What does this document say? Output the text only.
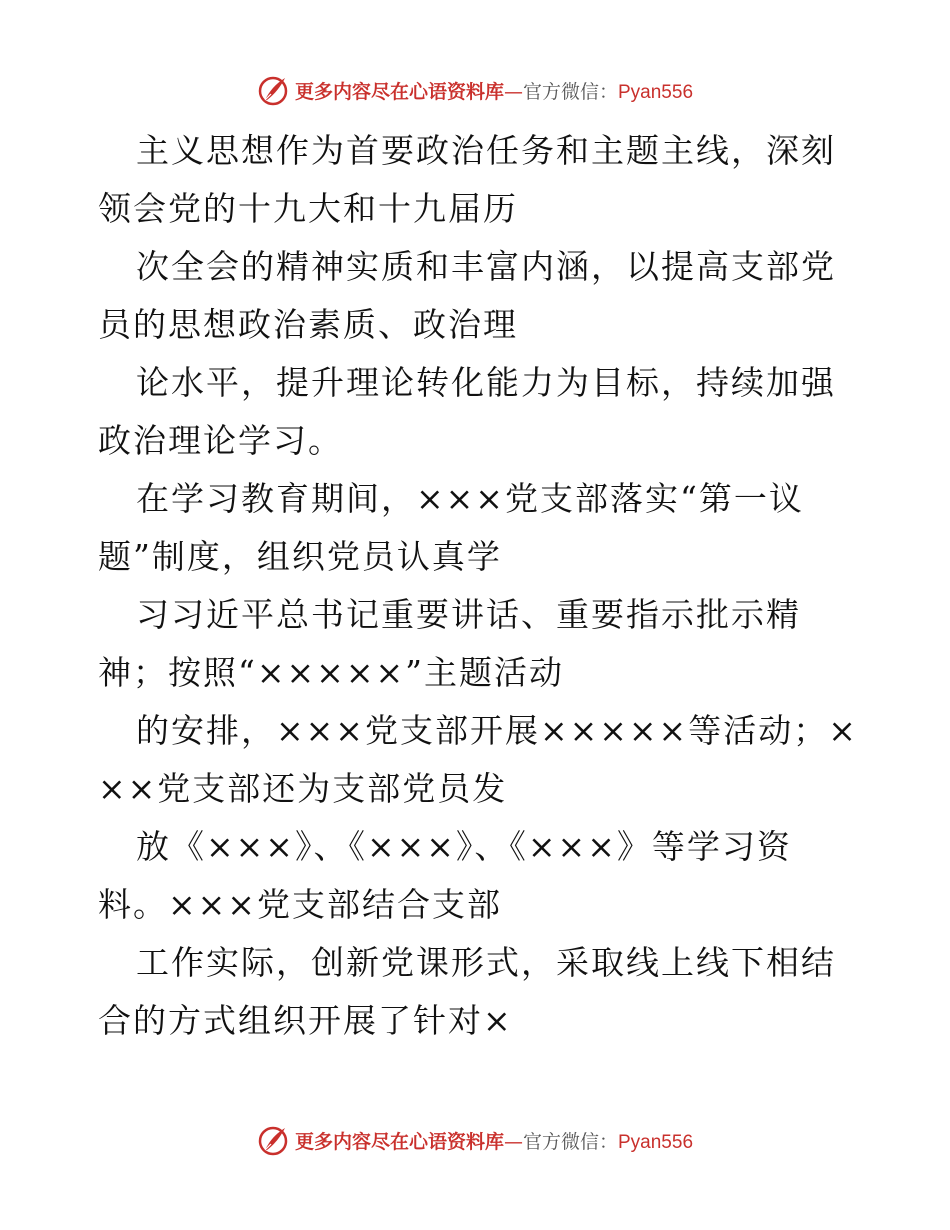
更多内容尽在心语资料库—官方微信：Pyan556

主义思想作为首要政治任务和主题主线，深刻领会党的十九大和十九届历

次全会的精神实质和丰富内涵，以提高支部党员的思想政治素质、政治理

论水平，提升理论转化能力为目标，持续加强政治理论学习。

在学习教育期间，×××党支部落实“第一议题”制度，组织党员认真学

习习近平总书记重要讲话、重要指示批示精神；按照“×××××”主题活动

的安排，×××党支部开展×××××等活动；×××党支部还为支部党员发

放《×××》、《×××》、《×××》等学习资料。×××党支部结合支部

工作实际，创新党课形式，采取线上线下相结合的方式组织开展了针对×

更多内容尽在心语资料库—官方微信：Pyan556
